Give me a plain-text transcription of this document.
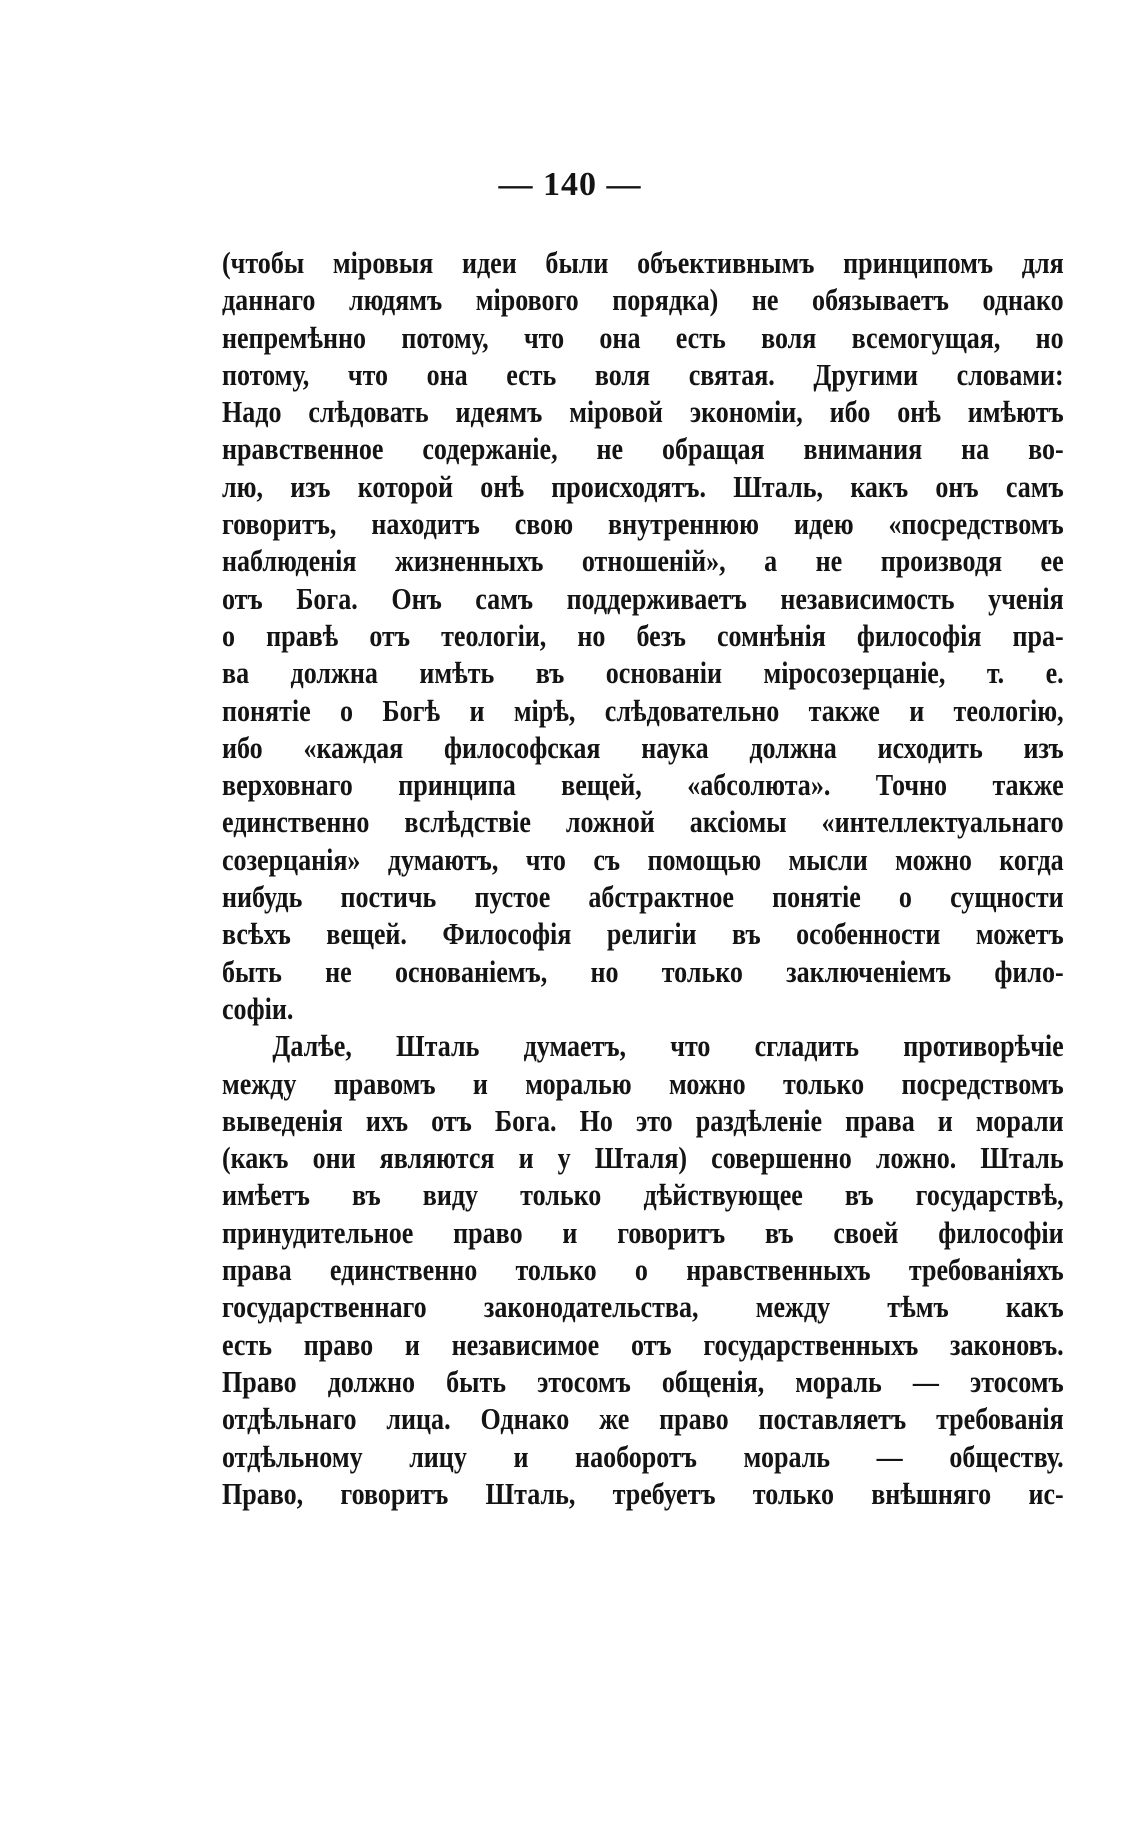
— 140 —
(чтобы міровыя идеи были объективнымъ принципомъ для
даннаго людямъ мірового порядка) не обязываетъ однако
непремѣнно потому, что она есть воля всемогущая, но
потому, что она есть воля святая. Другими словами:
Надо слѣдовать идеямъ міровой экономіи, ибо онѣ имѣютъ
нравственное содержаніе, не обращая внимания на во-
лю, изъ которой онѣ происходятъ. Шталь, какъ онъ самъ
говоритъ, находитъ свою внутреннюю идею «посредствомъ
наблюденія жизненныхъ отношеній», а не производя ее
отъ Бога. Онъ самъ поддерживаетъ независимость ученія
о правѣ отъ теологіи, но безъ сомнѣнія философія пра-
ва должна имѣть въ основаніи міросозерцаніе, т. е.
понятіе о Богѣ и мірѣ, слѣдовательно также и теологію,
ибо «каждая философская наука должна исходить изъ
верховнаго принципа вещей, «абсолюта». Точно также
единственно вслѣдствіе ложной аксіомы «интеллектуальнаго
созерцанія» думаютъ, что съ помощью мысли можно когда
нибудь постичь пустое абстрактное понятіе о сущности
всѣхъ вещей. Философія религіи въ особенности можетъ
быть не основаніемъ, но только заключеніемъ фило-
софіи.
Далѣе, Шталь думаетъ, что сгладить противорѣчіе
между правомъ и моралью можно только посредствомъ
выведенія ихъ отъ Бога. Но это раздѣленіе права и морали
(какъ они являются и у Шталя) совершенно ложно. Шталь
имѣетъ въ виду только дѣйствующее въ государствѣ,
принудительное право и говоритъ въ своей философіи
права единственно только о нравственныхъ требованіяхъ
государственнаго законодательства, между тѣмъ какъ
есть право и независимое отъ государственныхъ законовъ.
Право должно быть этосомъ общенія, мораль — этосомъ
отдѣльнаго лица. Однако же право поставляетъ требованія
отдѣльному лицу и наоборотъ мораль — обществу.
Право, говоритъ Шталь, требуетъ только внѣшняго ис-
